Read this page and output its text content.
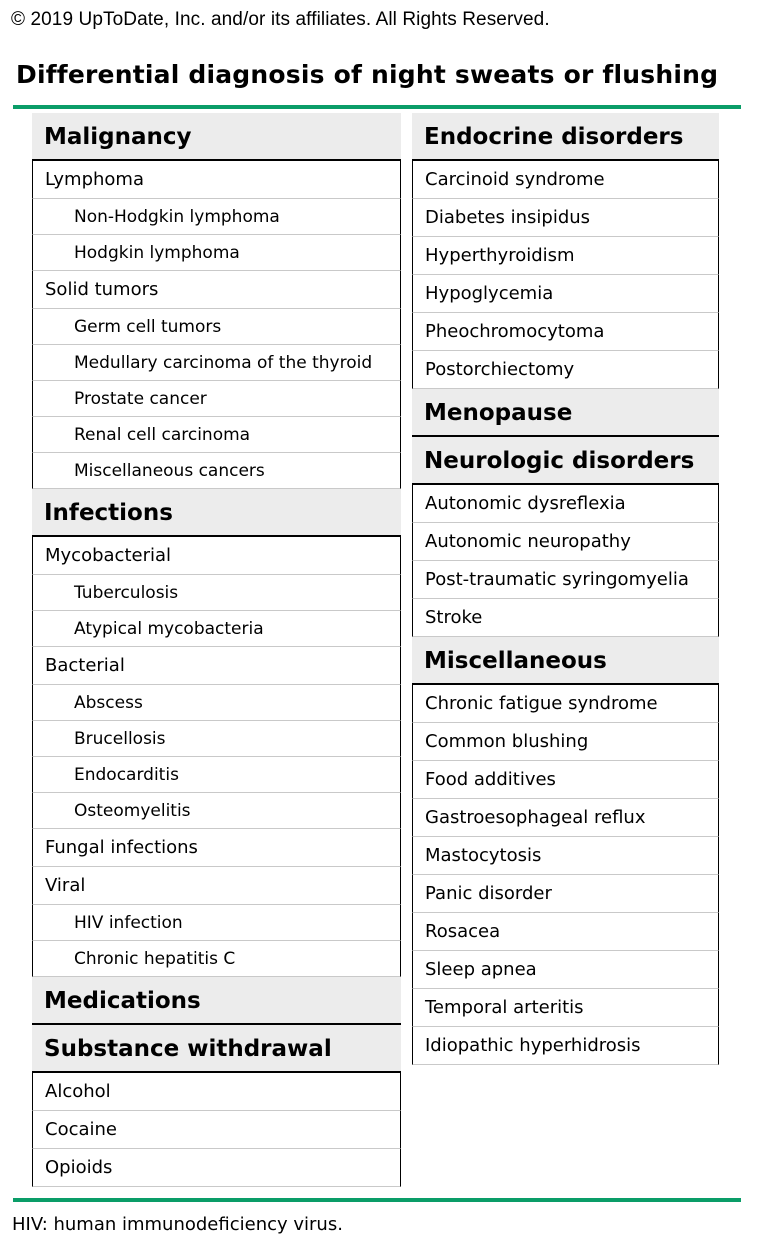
© 2019 UpToDate, Inc. and/or its affiliates. All Rights Reserved.
Differential diagnosis of night sweats or flushing
Malignancy
Lymphoma
Non-Hodgkin lymphoma
Hodgkin lymphoma
Solid tumors
Germ cell tumors
Medullary carcinoma of the thyroid
Prostate cancer
Renal cell carcinoma
Miscellaneous cancers
Infections
Mycobacterial
Tuberculosis
Atypical mycobacteria
Bacterial
Abscess
Brucellosis
Endocarditis
Osteomyelitis
Fungal infections
Viral
HIV infection
Chronic hepatitis C
Medications
Substance withdrawal
Alcohol
Cocaine
Opioids
Endocrine disorders
Carcinoid syndrome
Diabetes insipidus
Hyperthyroidism
Hypoglycemia
Pheochromocytoma
Postorchiectomy
Menopause
Neurologic disorders
Autonomic dysreflexia
Autonomic neuropathy
Post-traumatic syringomyelia
Stroke
Miscellaneous
Chronic fatigue syndrome
Common blushing
Food additives
Gastroesophageal reflux
Mastocytosis
Panic disorder
Rosacea
Sleep apnea
Temporal arteritis
Idiopathic hyperhidrosis
HIV: human immunodeficiency virus.
